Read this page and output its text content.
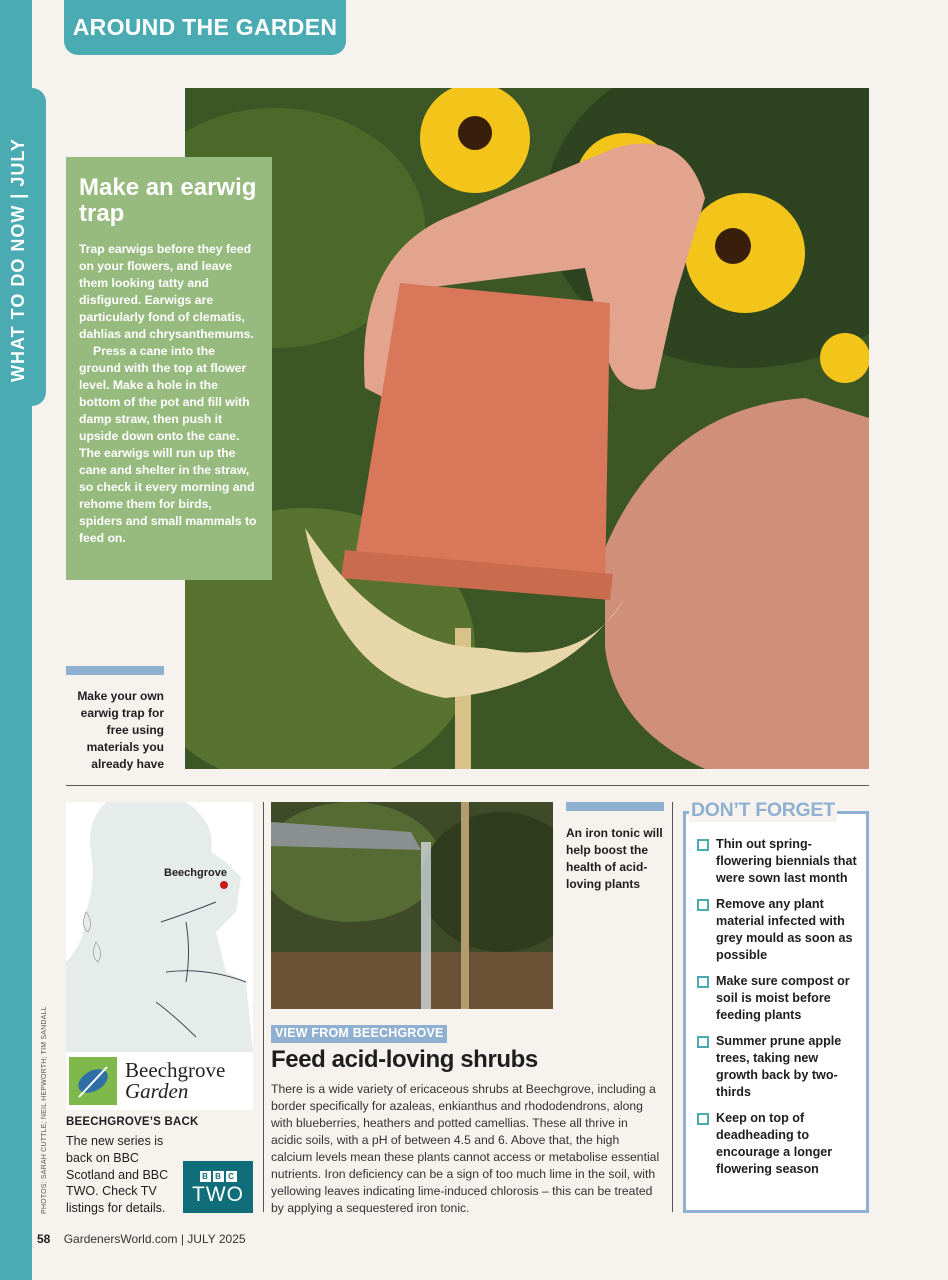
WHAT TO DO NOW | JULY
AROUND THE GARDEN
Make an earwig trap

Trap earwigs before they feed on your flowers, and leave them looking tatty and disfigured. Earwigs are particularly fond of clematis, dahlias and chrysanthemums.

Press a cane into the ground with the top at flower level. Make a hole in the bottom of the pot and fill with damp straw, then push it upside down onto the cane. The earwigs will run up the cane and shelter in the straw, so check it every morning and rehome them for birds, spiders and small mammals to feed on.

Make your own earwig trap for free using materials you already have
Beechgrove
Beechgrove
Garden
BEECHGROVE’S BACK
The new series is back on BBC Scotland and BBC TWO. Check TV listings for details.
B B C
TWO
PHOTOS: SARAH CUTTLE; NEIL HEPWORTH; TIM SANDALL
An iron tonic will help boost the health of acid-loving plants
VIEW FROM BEECHGROVE
Feed acid-loving shrubs
There is a wide variety of ericaceous shrubs at Beechgrove, including a border specifically for azaleas, enkianthus and rhododendrons, along with blueberries, heathers and potted camellias. These all thrive in acidic soils, with a pH of between 4.5 and 6. Above that, the high calcium levels mean these plants cannot access or metabolise essential nutrients. Iron deficiency can be a sign of too much lime in the soil, with yellowing leaves indicating lime-induced chlorosis – this can be treated by applying a sequestered iron tonic.
DON’T FORGET
Thin out spring-flowering biennials that were sown last month
Remove any plant material infected with grey mould as soon as possible
Make sure compost or soil is moist before feeding plants
Summer prune apple trees, taking new growth back by two-thirds
Keep on top of deadheading to encourage a longer flowering season
58 GardenersWorld.com | JULY 2025
